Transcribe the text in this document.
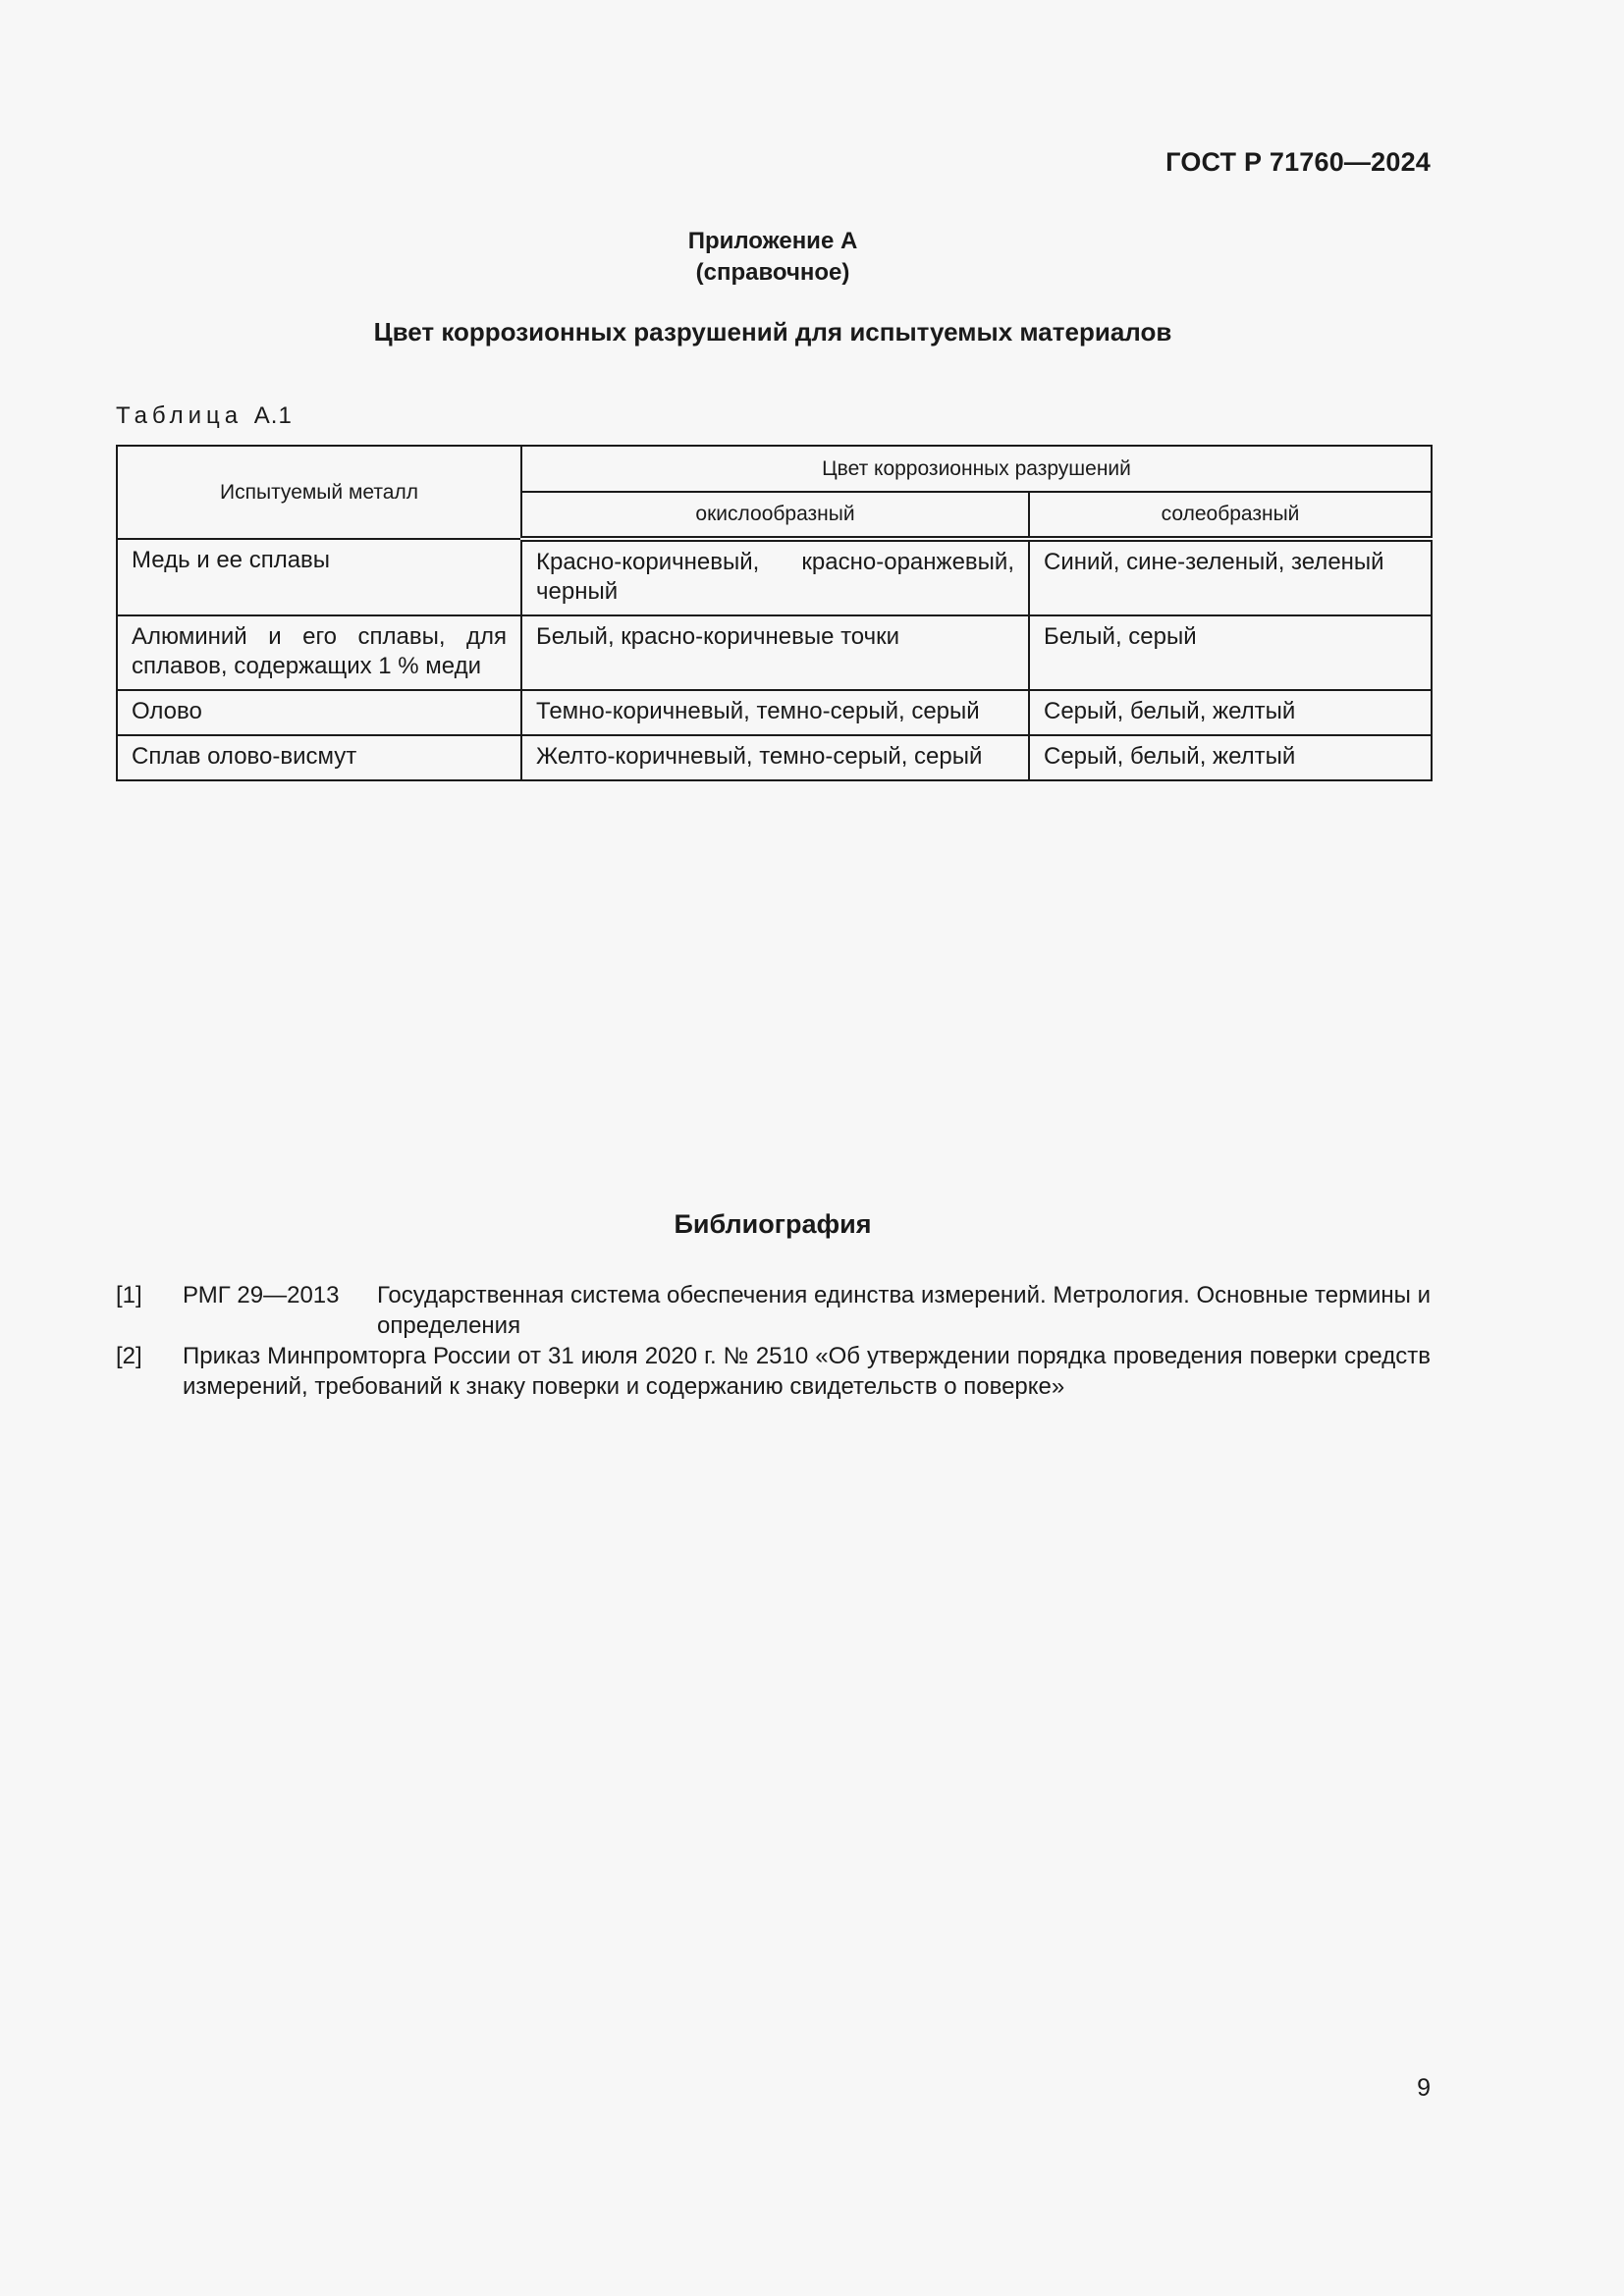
ГОСТ Р 71760—2024
Приложение А
(справочное)
Цвет коррозионных разрушений для испытуемых материалов
Таблица А.1
Испытуемый металл	Цвет коррозионных разрушений	
	окислообразный	солеобразный
Медь и ее сплавы	Красно-коричневый, красно-оранжевый, черный	Синий, сине-зеленый, зеленый
Алюминий и его сплавы, для сплавов, содержащих 1 % меди	Белый, красно-коричневые точки	Белый, серый
Олово	Темно-коричневый, темно-серый, серый	Серый, белый, желтый
Сплав олово-висмут	Желто-коричневый, темно-серый, серый	Серый, белый, желтый
Библиография
[1] РМГ 29—2013 Государственная система обеспечения единства измерений. Метрология. Основные термины и определения
[2] Приказ Минпромторга России от 31 июля 2020 г. № 2510 «Об утверждении порядка проведения поверки средств измерений, требований к знаку поверки и содержанию свидетельств о поверке»
9
